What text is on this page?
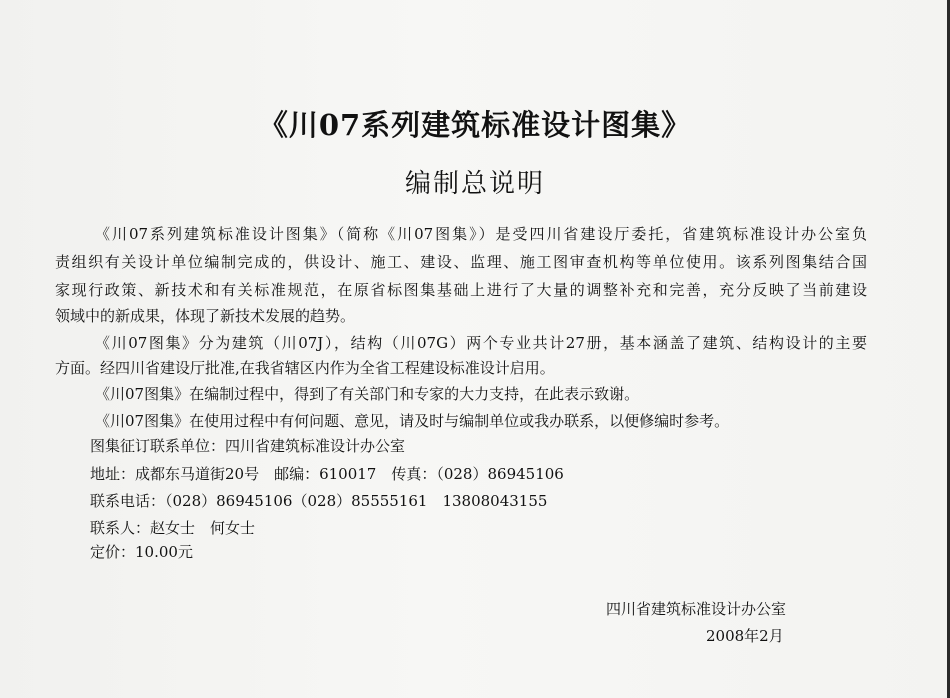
《川07系列建筑标准设计图集》
编制总说明
《川07系列建筑标准设计图集》（简称《川07图集》）是受四川省建设厅委托，省建筑标准设计办公室负
责组织有关设计单位编制完成的，供设计、施工、建设、监理、施工图审查机构等单位使用。该系列图集结合国
家现行政策、新技术和有关标准规范，在原省标图集基础上进行了大量的调整补充和完善，充分反映了当前建设
领域中的新成果，体现了新技术发展的趋势。
《川07图集》分为建筑（川07J），结构（川07G）两个专业共计27册，基本涵盖了建筑、结构设计的主要
方面。经四川省建设厅批准,在我省辖区内作为全省工程建设标准设计启用。
《川07图集》在编制过程中，得到了有关部门和专家的大力支持，在此表示致谢。
《川07图集》在使用过程中有何问题、意见，请及时与编制单位或我办联系，以便修编时参考。
图集征订联系单位：四川省建筑标准设计办公室
地址：成都东马道街20号　邮编：610017　传真：（028）86945106
联系电话：（028）86945106（028）85555161　13808043155
联系人：赵女士　何女士
定价：10.00元
四川省建筑标准设计办公室
2008年2月
